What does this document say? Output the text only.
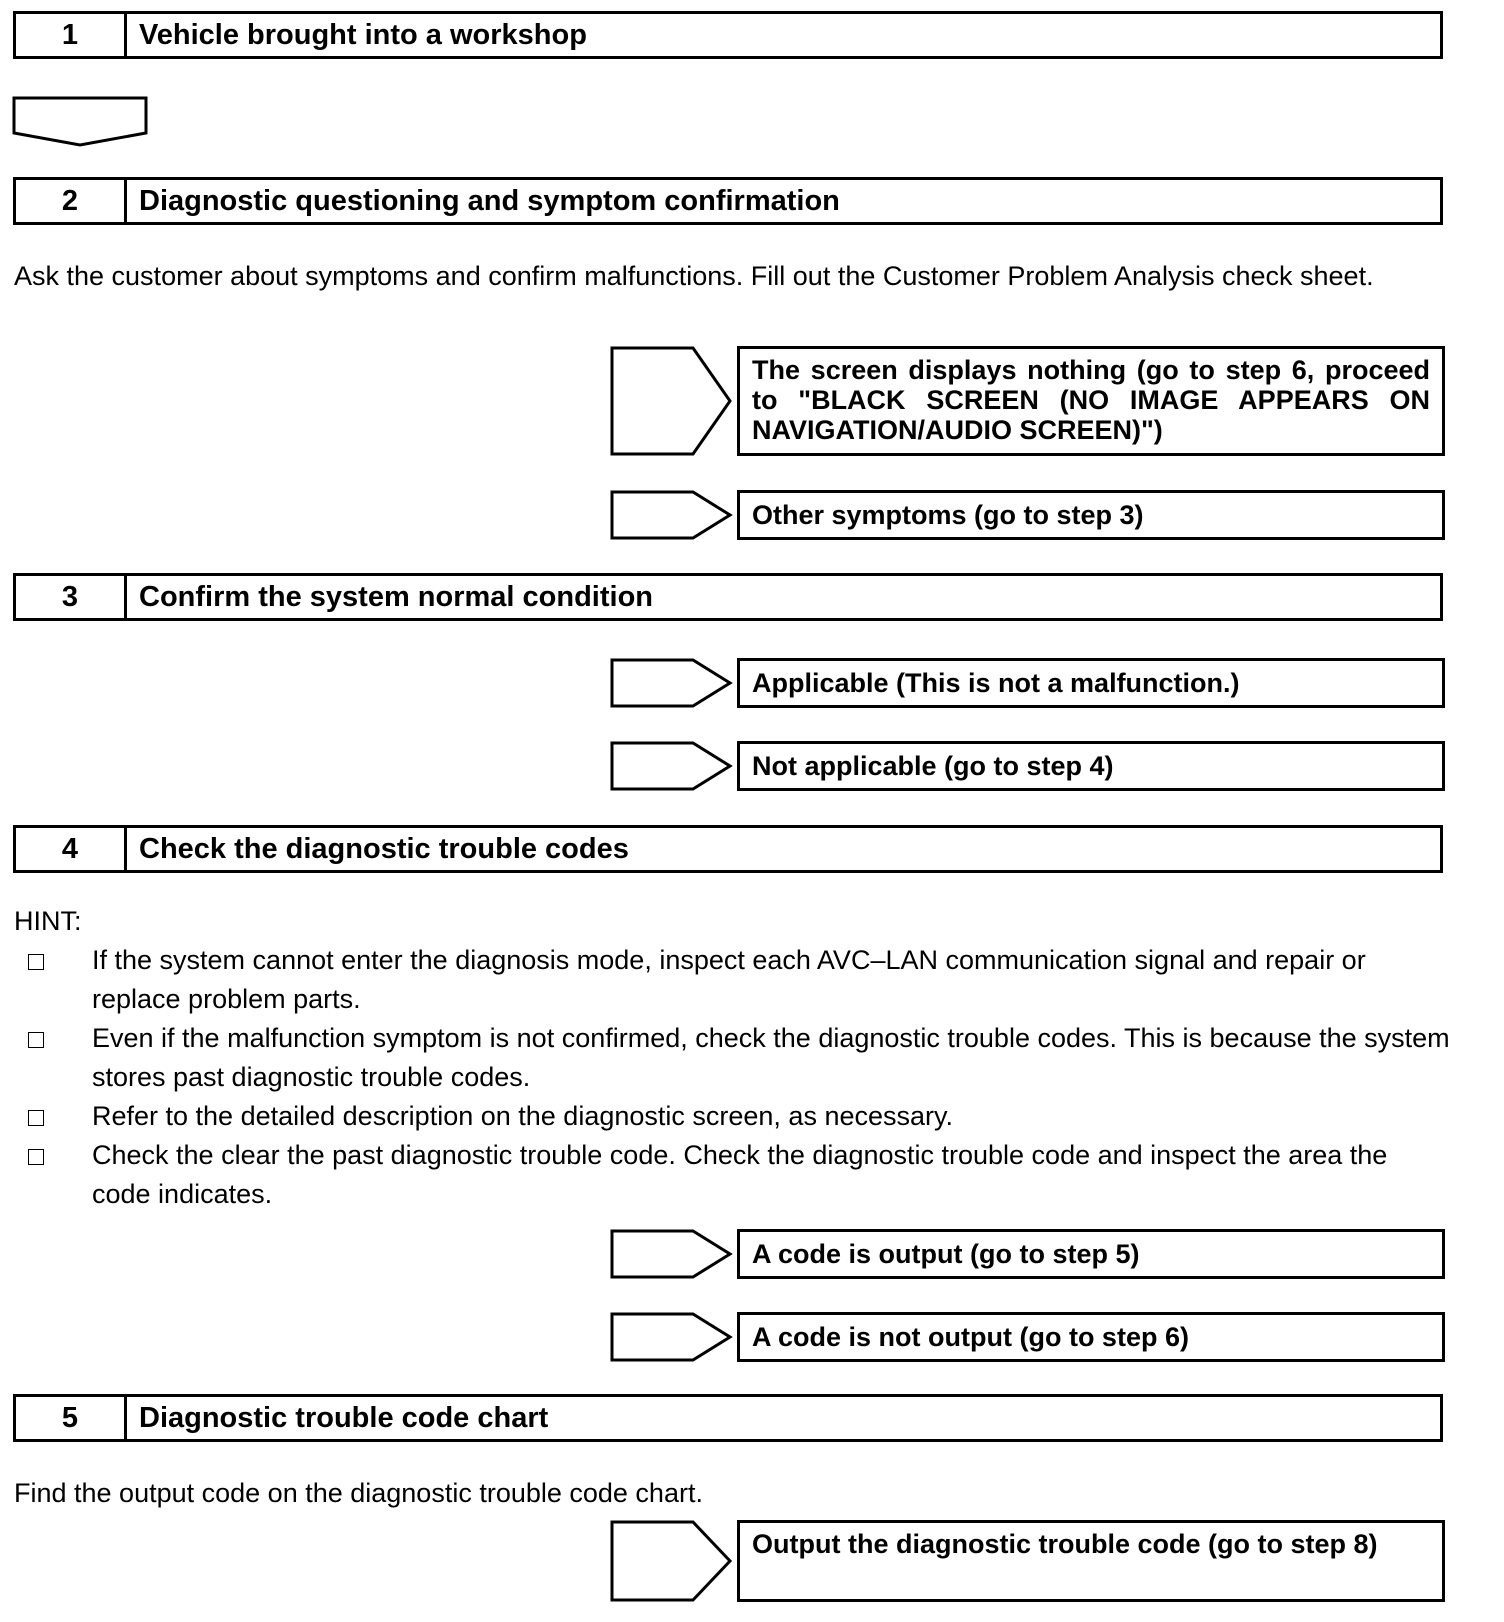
1	Vehicle brought into a workshop
2	Diagnostic questioning and symptom confirmation
Ask the customer about symptoms and confirm malfunctions. Fill out the Customer Problem Analysis check sheet.
The screen displays nothing (go to step 6, proceed to "BLACK SCREEN (NO IMAGE APPEARS ON NAVIGATION/AUDIO SCREEN)")
Other symptoms (go to step 3)
3	Confirm the system normal condition
Applicable (This is not a malfunction.)
Not applicable (go to step 4)
4	Check the diagnostic trouble codes
HINT:
If the system cannot enter the diagnosis mode, inspect each AVC–LAN communication signal and repair or replace problem parts.
Even if the malfunction symptom is not confirmed, check the diagnostic trouble codes. This is because the system stores past diagnostic trouble codes.
Refer to the detailed description on the diagnostic screen, as necessary.
Check the clear the past diagnostic trouble code. Check the diagnostic trouble code and inspect the area the code indicates.
A code is output (go to step 5)
A code is not output (go to step 6)
5	Diagnostic trouble code chart
Find the output code on the diagnostic trouble code chart.
Output the diagnostic trouble code (go to step 8)
